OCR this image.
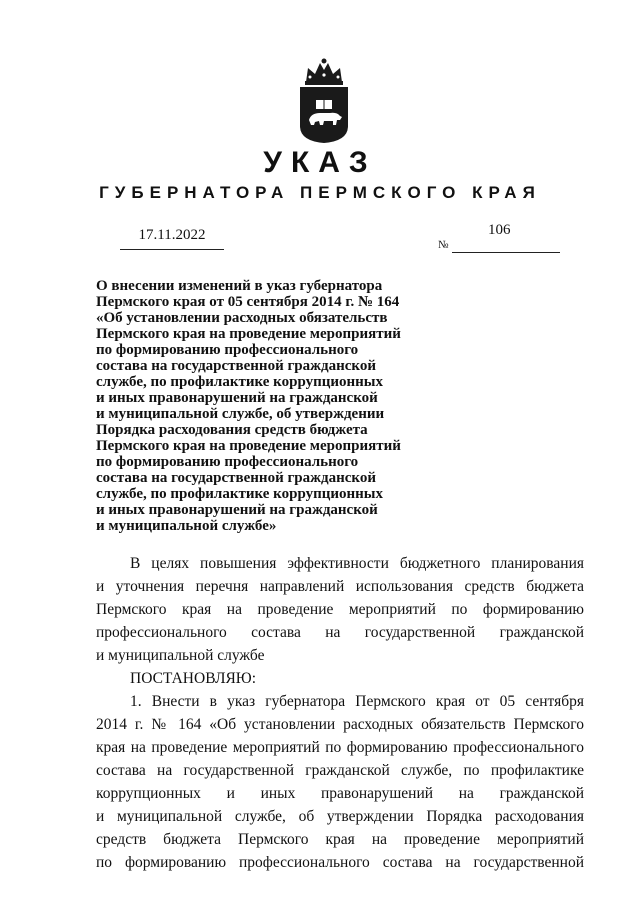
УКАЗ
ГУБЕРНАТОРА ПЕРМСКОГО КРАЯ
17.11.2022
№
106
О внесении изменений в указ губернатора
Пермского края от 05 сентября 2014 г. № 164
«Об установлении расходных обязательств
Пермского края на проведение мероприятий
по формированию профессионального
состава на государственной гражданской
службе, по профилактике коррупционных
и иных правонарушений на гражданской
и муниципальной службе, об утверждении
Порядка расходования средств бюджета
Пермского края на проведение мероприятий
по формированию профессионального
состава на государственной гражданской
службе, по профилактике коррупционных
и иных правонарушений на гражданской
и муниципальной службе»
В целях повышения эффективности бюджетного планирования
и уточнения перечня направлений использования средств бюджета
Пермского края на проведение мероприятий по формированию
профессионального состава на государственной гражданской
и муниципальной службе
ПОСТАНОВЛЯЮ:
1. Внести в указ губернатора Пермского края от 05 сентября
2014 г. № 164 «Об установлении расходных обязательств Пермского
края на проведение мероприятий по формированию профессионального
состава на государственной гражданской службе, по профилактике
коррупционных и иных правонарушений на гражданской
и муниципальной службе, об утверждении Порядка расходования
средств бюджета Пермского края на проведение мероприятий
по формированию профессионального состава на государственной
